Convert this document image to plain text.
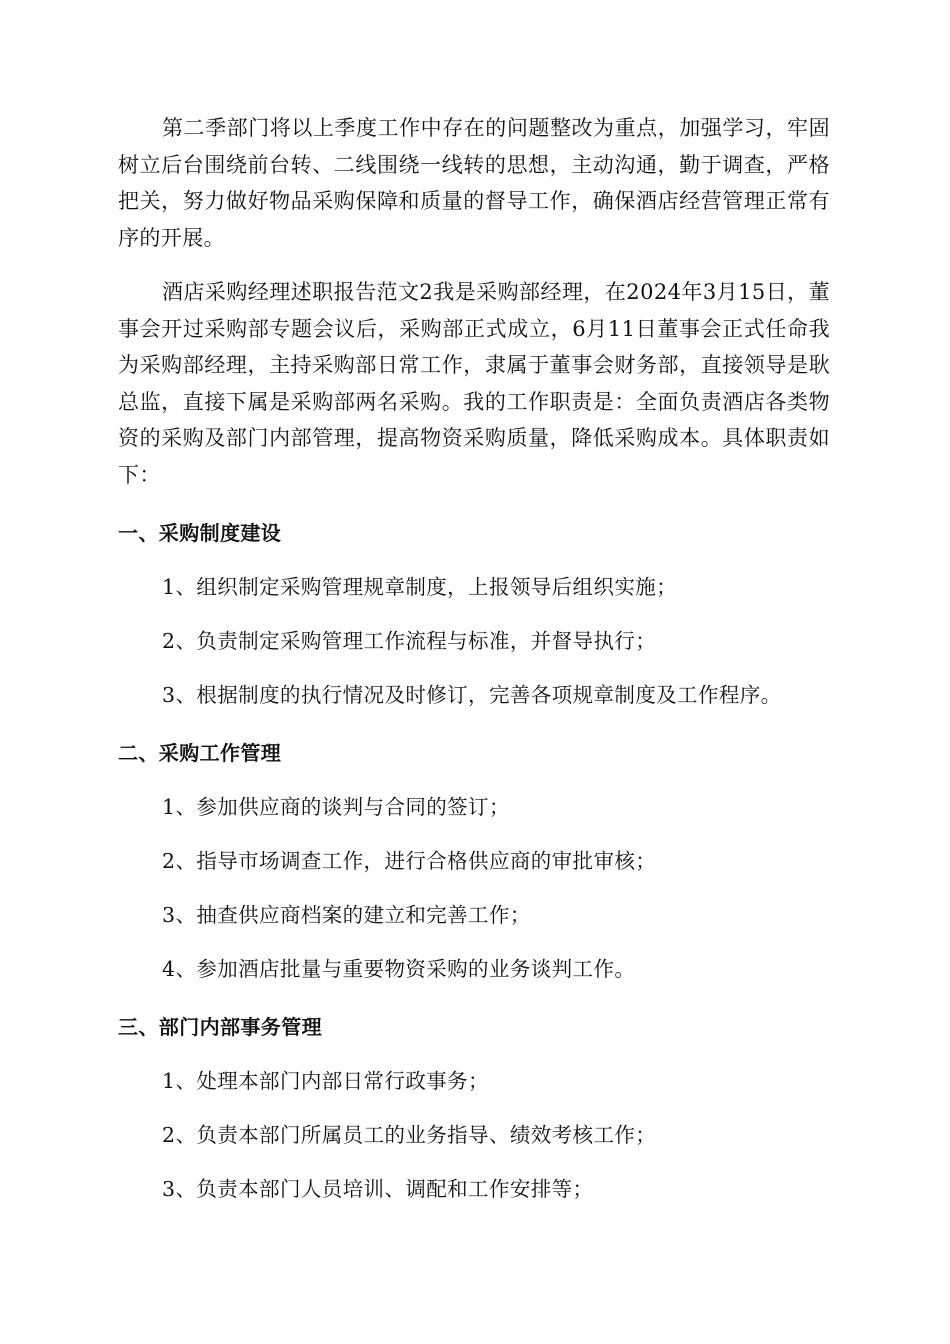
第二季部门将以上季度工作中存在的问题整改为重点，加强学习，牢固树立后台围绕前台转、二线围绕一线转的思想，主动沟通，勤于调查，严格把关，努力做好物品采购保障和质量的督导工作，确保酒店经营管理正常有序的开展。

酒店采购经理述职报告范文2我是采购部经理，在2024年3月15日，董事会开过采购部专题会议后，采购部正式成立，6月11日董事会正式任命我为采购部经理，主持采购部日常工作，隶属于董事会财务部，直接领导是耿总监，直接下属是采购部两名采购。我的工作职责是：全面负责酒店各类物资的采购及部门内部管理，提高物资采购质量，降低采购成本。具体职责如下：

一、采购制度建设

1、组织制定采购管理规章制度，上报领导后组织实施；

2、负责制定采购管理工作流程与标准，并督导执行；

3、根据制度的执行情况及时修订，完善各项规章制度及工作程序。

二、采购工作管理

1、参加供应商的谈判与合同的签订；

2、指导市场调查工作，进行合格供应商的审批审核；

3、抽查供应商档案的建立和完善工作；

4、参加酒店批量与重要物资采购的业务谈判工作。

三、部门内部事务管理

1、处理本部门内部日常行政事务；

2、负责本部门所属员工的业务指导、绩效考核工作；

3、负责本部门人员培训、调配和工作安排等；
